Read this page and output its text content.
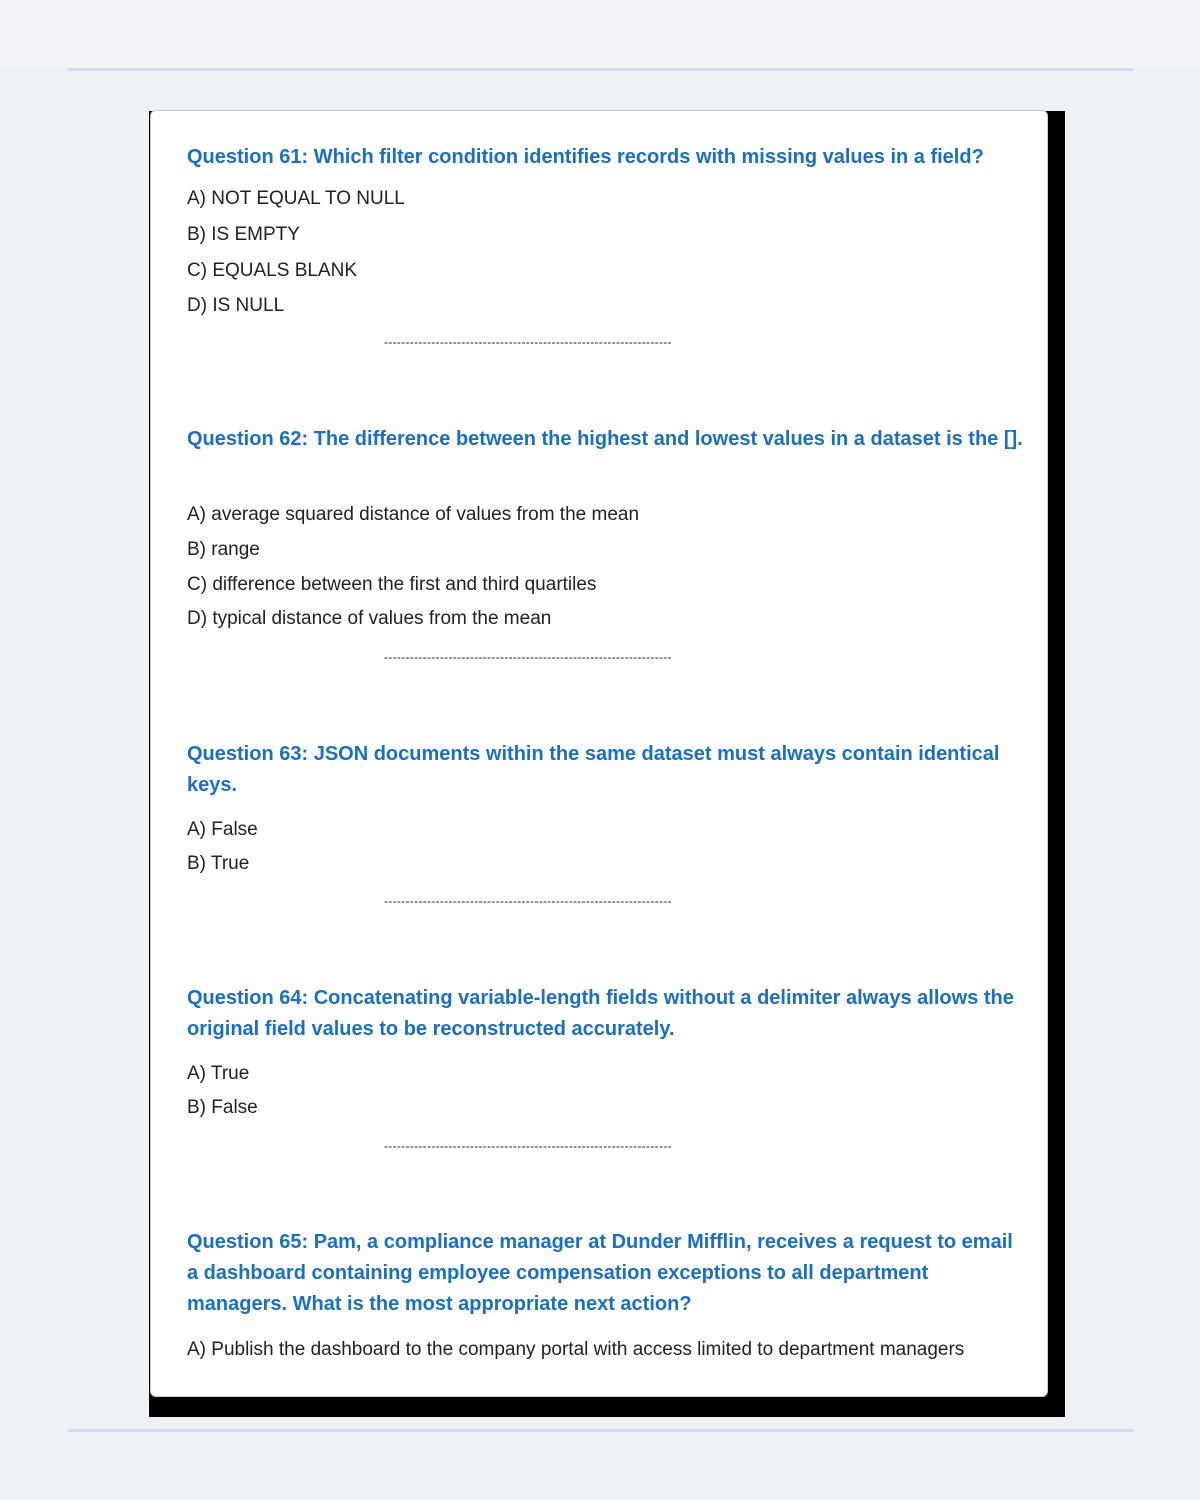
Question 61: Which filter condition identifies records with missing values in a field?
A) NOT EQUAL TO NULL
B) IS EMPTY
C) EQUALS BLANK
D) IS NULL
-------------------------------------------------------------------
Question 62: The difference between the highest and lowest values in a dataset is the [].
A) average squared distance of values from the mean
B) range
C) difference between the first and third quartiles
D) typical distance of values from the mean
-------------------------------------------------------------------
Question 63: JSON documents within the same dataset must always contain identical keys.
A) False
B) True
-------------------------------------------------------------------
Question 64: Concatenating variable-length fields without a delimiter always allows the original field values to be reconstructed accurately.
A) True
B) False
-------------------------------------------------------------------
Question 65: Pam, a compliance manager at Dunder Mifflin, receives a request to email a dashboard containing employee compensation exceptions to all department managers. What is the most appropriate next action?
A) Publish the dashboard to the company portal with access limited to department managers
